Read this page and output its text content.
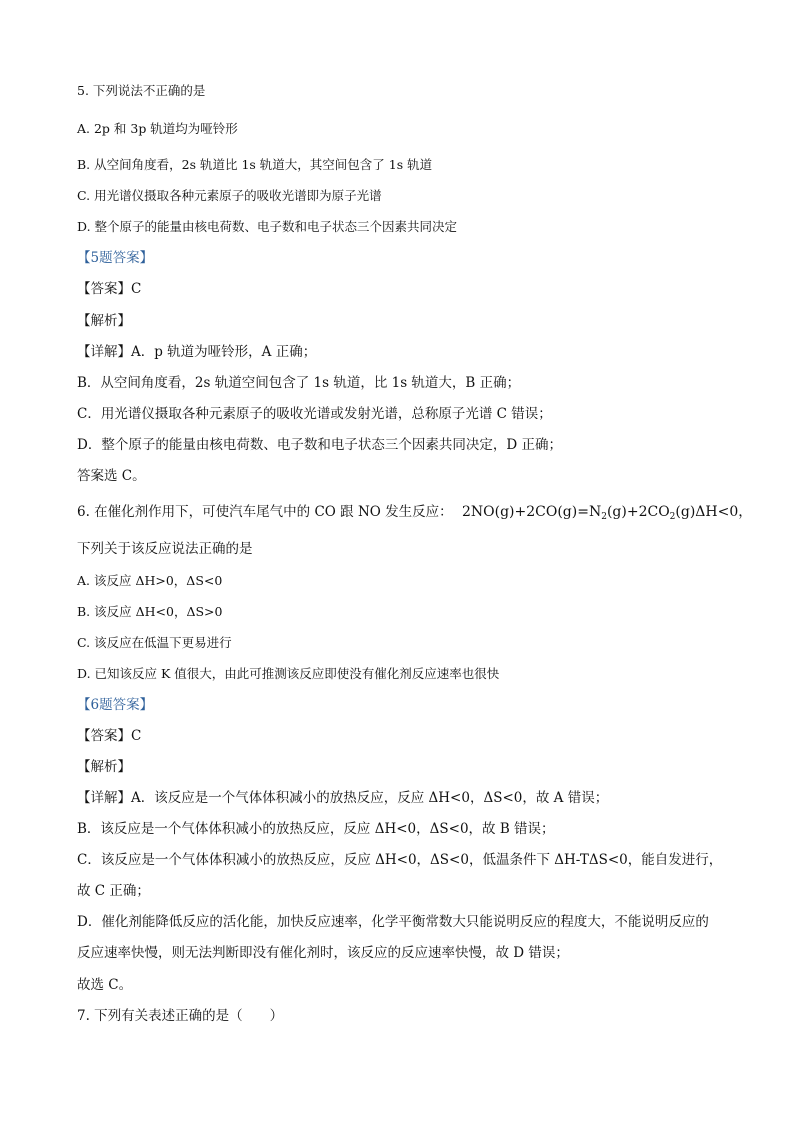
5. 下列说法不正确的是
A. 2p 和 3p 轨道均为哑铃形
B. 从空间角度看，2s 轨道比 1s 轨道大，其空间包含了 1s 轨道
C. 用光谱仪摄取各种元素原子的吸收光谱即为原子光谱
D. 整个原子的能量由核电荷数、电子数和电子状态三个因素共同决定
【5题答案】
【答案】C
【解析】
【详解】A．p 轨道为哑铃形，A 正确；
B．从空间角度看，2s 轨道空间包含了 1s 轨道，比 1s 轨道大，B 正确；
C．用光谱仪摄取各种元素原子的吸收光谱或发射光谱，总称原子光谱 C 错误；
D．整个原子的能量由核电荷数、电子数和电子状态三个因素共同决定，D 正确；
答案选 C。
6. 在催化剂作用下，可使汽车尾气中的 CO 跟 NO 发生反应： $2NO(g)+2CO(g)=N_2(g)+2CO_2(g)\Delta H<0$，
下列关于该反应说法正确的是
A. 该反应 ΔH>0，ΔS<0
B. 该反应 ΔH<0，ΔS>0
C. 该反应在低温下更易进行
D. 已知该反应 K 值很大，由此可推测该反应即使没有催化剂反应速率也很快
【6题答案】
【答案】C
【解析】
【详解】A．该反应是一个气体体积减小的放热反应，反应 ΔH<0，ΔS<0，故 A 错误；
B．该反应是一个气体体积减小的放热反应，反应 ΔH<0，ΔS<0，故 B 错误；
C．该反应是一个气体体积减小的放热反应，反应 ΔH<0，ΔS<0，低温条件下 ΔH-TΔS<0，能自发进行，
故 C 正确；
D．催化剂能降低反应的活化能，加快反应速率，化学平衡常数大只能说明反应的程度大，不能说明反应的
反应速率快慢，则无法判断即没有催化剂时，该反应的反应速率快慢，故 D 错误；
故选 C。
7. 下列有关表述正确的是（　　）
